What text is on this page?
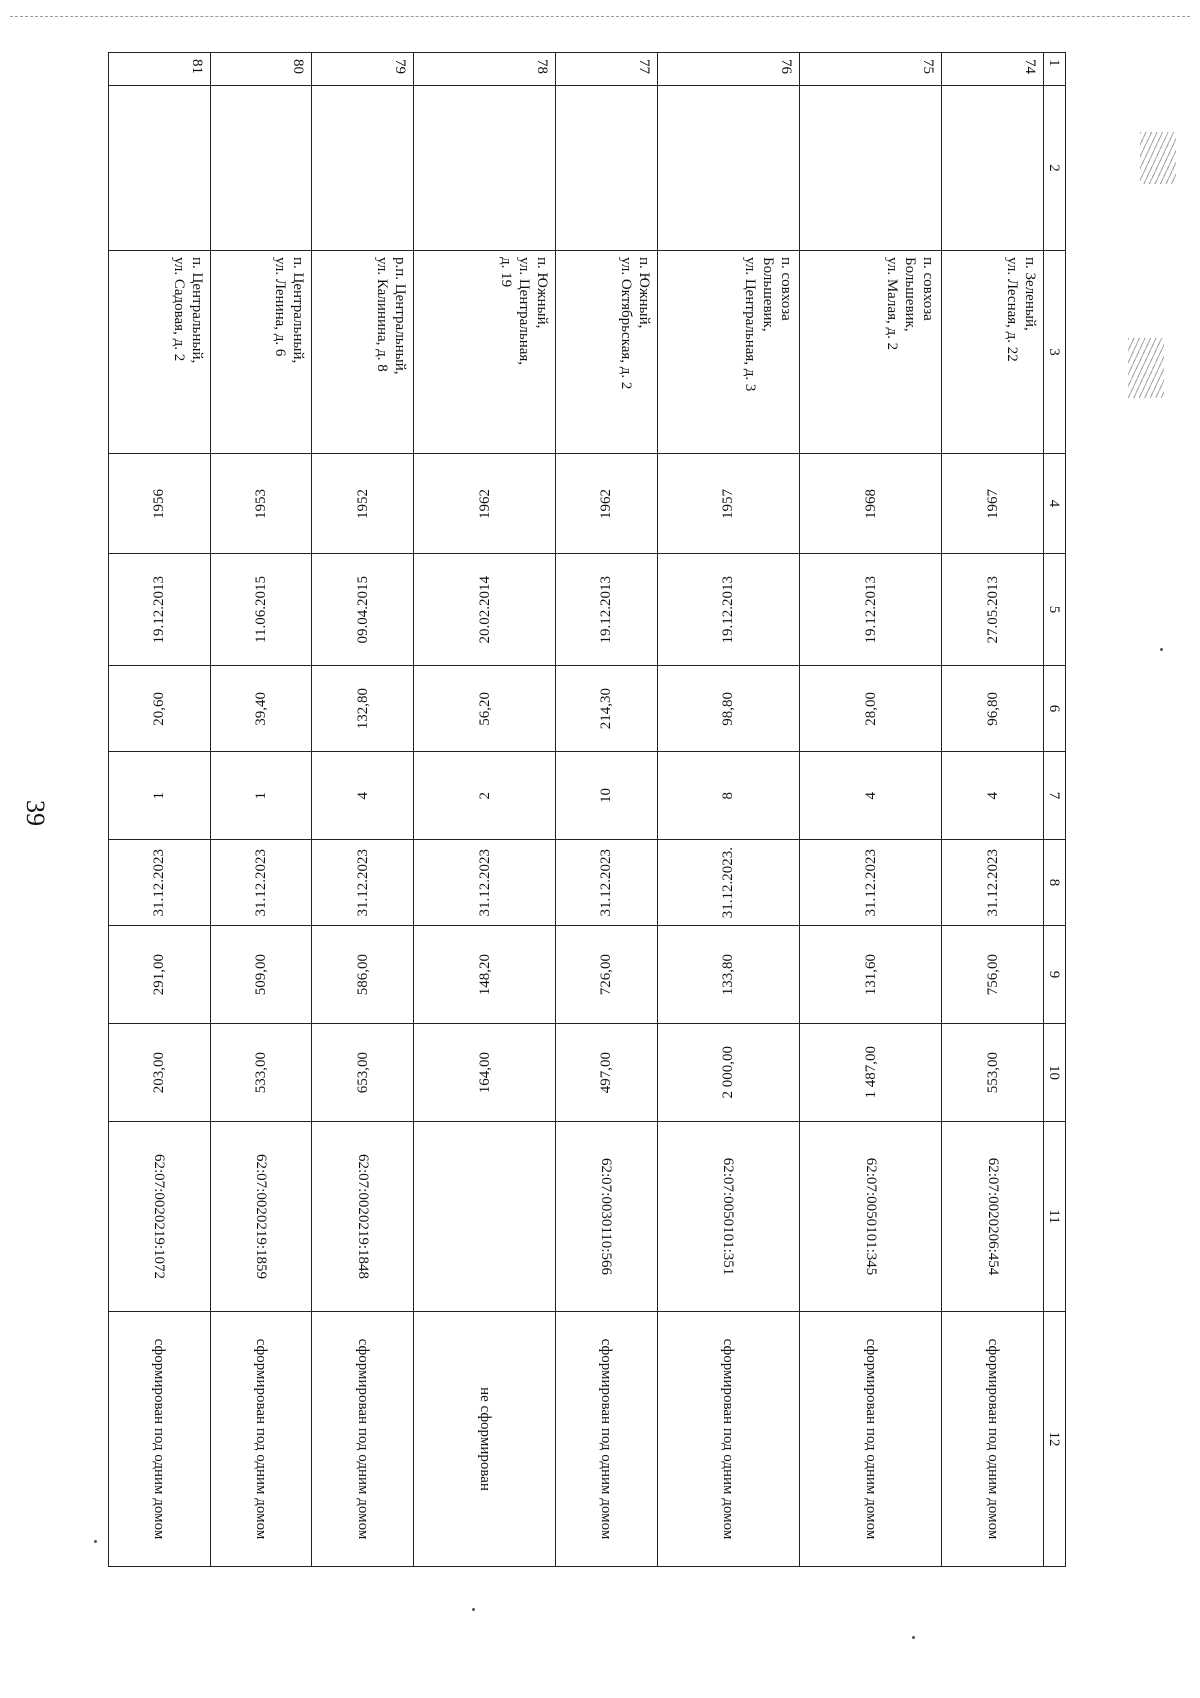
39
1	2	3	4	5	6	7	8	9	10	11	12
74		п. Зеленый,
ул. Лесная, д. 22	1967	27.05.2013	96,80	4	31.12.2023	756,00	553,00	62:07:0020206:454	сформирован под одним домом
75		п. совхоза
Большевик,
ул. Малая, д. 2	1968	19.12.2013	28,00	4	31.12.2023	131,60	1 487,00	62:07:0050101:345	сформирован под одним домом
76		п. совхоза
Большевик,
ул. Центральная, д. 3	1957	19.12.2013	98,80	8	31.12.2023.	133,80	2 000,00	62:07:0050101:351	сформирован под одним домом
77		п. Южный,
ул. Октябрьская, д. 2	1962	19.12.2013	214,30	10	31.12.2023	726,00	497,00	62:07:0030110:566	сформирован под одним домом
78		п. Южный,
ул. Центральная,
д. 19	1962	20.02.2014	56,20	2	31.12.2023	148,20	164,00		не сформирован
79		р.п. Центральный,
ул. Калинина, д. 8	1952	09.04.2015	132,80	4	31.12.2023	586,00	653,00	62:07:0020219:1848	сформирован под одним домом
80		п. Центральный,
ул. Ленина, д. 6	1953	11.06.2015	39,40	1	31.12.2023	509,00	533,00	62:07:0020219:1859	сформирован под одним домом
81		п. Центральный,
ул. Садовая, д. 2	1956	19.12.2013	20,60	1	31.12.2023	291,00	203,00	62:07:0020219:1072	сформирован под одним домом
